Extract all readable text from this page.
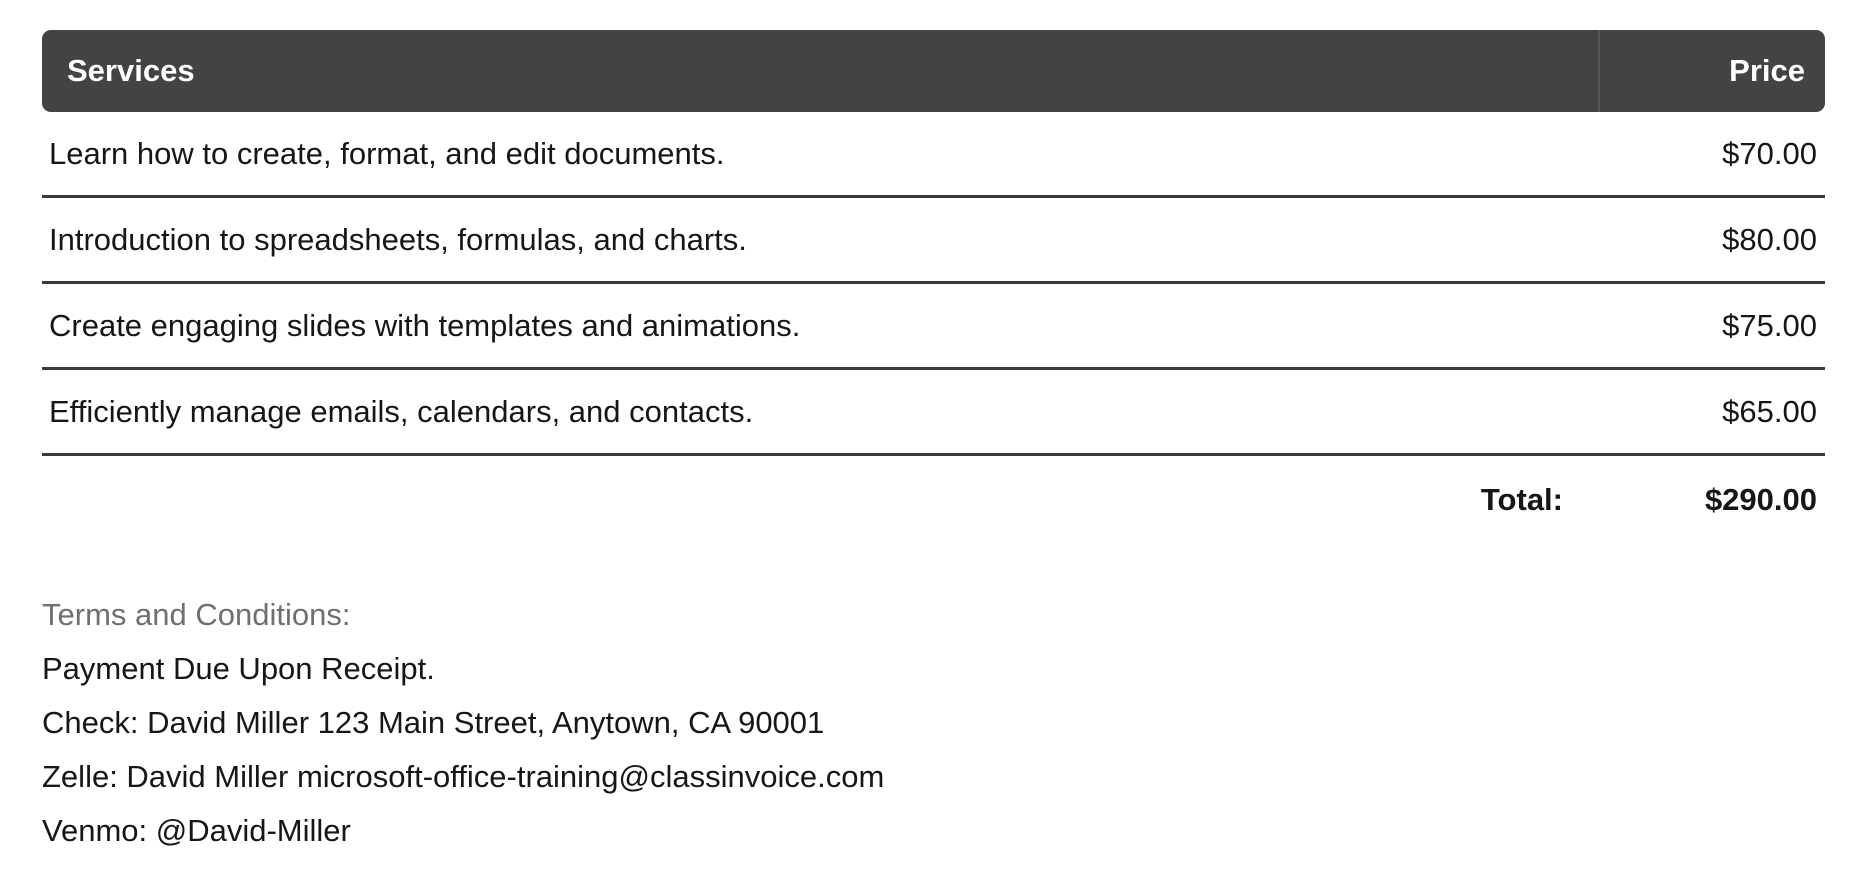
Services	Price
Learn how to create, format, and edit documents.	$70.00
Introduction to spreadsheets, formulas, and charts.	$80.00
Create engaging slides with templates and animations.	$75.00
Efficiently manage emails, calendars, and contacts.	$65.00
Total:	$290.00
Terms and Conditions:
Payment Due Upon Receipt.
Check: David Miller 123 Main Street, Anytown, CA 90001
Zelle: David Miller microsoft-office-training@classinvoice.com
Venmo: @David-Miller
